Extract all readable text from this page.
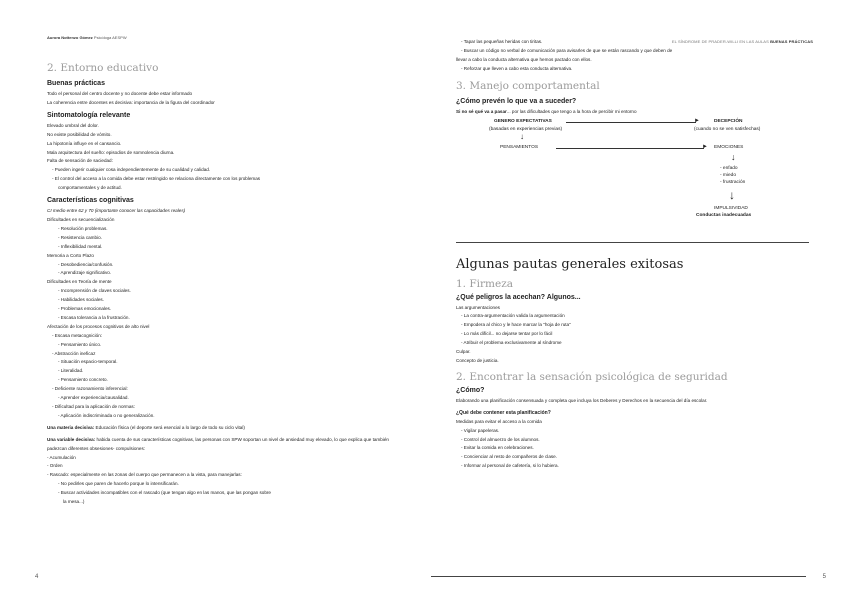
Aurora Nottenzo Gómez Psicóloga AESPW
2. Entorno educativo
Buenas prácticas

Todo el personal del centro docente y no docente debe estar informado

La coherencia entre docentes es decisiva: importancia de la figura del coordinador

Sintomatología relevante

Elevado umbral del dolor.

No existe posibilidad de vómito.

La hipotonía influye en el cansancio.

Mala arquitectura del sueño: episodios de somnolencia diurna.

Falta de sensación de saciedad:

- Pueden ingerir cualquier cosa independientemente de su cualidad y calidad.

- El control del acceso a la comida debe estar restringido se relaciona directamente con los problemas

comportamentales y de actitud.

Características cognitivas

CI medio entre 62 y 70 (importante conocer las capacidades reales)

Dificultades en secuencialización

- Resolución problemas.

- Resistencia cambio.

- Inflexibilidad mental.

Memoria a Corto Plazo

- Desobediencia/confusión.

- Aprendizaje significativo.

Dificultades en Teoría de mente

- Incomprensión de claves sociales.

- Habilidades sociales.

- Problemas emocionales.

- Escasa tolerancia a la frustración.

Afectación de los procesos cognitivos de alto nivel

- Escasa metacognición:

- Pensamiento único.

- Abstracción ineficaz

- Situación espacio-temporal.

- Literalidad.

- Pensamiento concreto.

- Deficiente razonamiento inferencial:

- Aprender experiencia/causalidad.

- Dificultad para la aplicación de normas:

- Aplicación indiscriminada o no generalización.

Una materia decisiva: Educación física (el deporte será esencial a lo largo de todo su ciclo vital)

Una variable decisiva: habida cuenta de sus características cognitivas, las personas con SPW soportan un nivel de ansiedad muy elevado, lo que explica que también padezcan diferentes obsesiones- compulsiones:

- Acumulación

- Orden

- Rascado: especialmente en las zonas del cuerpo que permanecen a la vista, para manejarlas:

- No pedirles que paren de hacerlo porque lo intensificarán.

- Buscar actividades incompatibles con el rascado (que tengan algo en las manos, que las pongan sobre

la mesa...)

4
EL SÍNDROME DE PRADER-WILLI EN LAS AULAS BUENAS PRÁCTICAS

- Tapar las pequeñas heridas con tiritas.

- Buscar un código no verbal de comunicación para avisarles de que se están rascando y que deben de

llevar a cabo la conducta alternativa que hemos pactado con ellos.

- Reforzar que lleven a cabo esta conducta alternativa.

3. Manejo comportamental
¿Cómo prevén lo que va a suceder?

Si no sé qué va a pasar... por las dificultades que tengo a la hora de percibir mi entorno

GENERO EXPECTATIVAS
(basadas en experiencias previas)
►	DECEPCIÓN
(cuando no se ven satisfechas)
↓
PENSAMIENTOS	► EMOCIONES
↓
- enfado
- miedo
- frustración
↓
IMPULSIVIDAD
Conductas inadecuadas
Algunas pautas generales exitosas
1. Firmeza
¿Qué peligros la acechan? Algunos...

Las argumentaciones

- La contra-argumentación valida la argumentación

- Empodera al chico y le hace marcar la "hoja de ruta"

- Lo más difícil... no dejarse tentar por lo fácil

- Atribuir el problema exclusivamente al síndrome

Culpar.

Concepto de justicia.

2. Encontrar la sensación psicológica de seguridad
¿Cómo?

Elaborando una planificación consensuada y completa que incluya los Deberes y Derechos en la secuencia del día escolar.

¿Qué debe contener esta planificación?

Medidas para evitar el acceso a la comida

- Vigilar papeleras.

- Control del almuerzo de los alumnos.

- Evitar la comida en celebraciones.

- Concienciar al resto de compañeros de clase.

- Informar al personal de cafetería, si lo hubiera.

5
